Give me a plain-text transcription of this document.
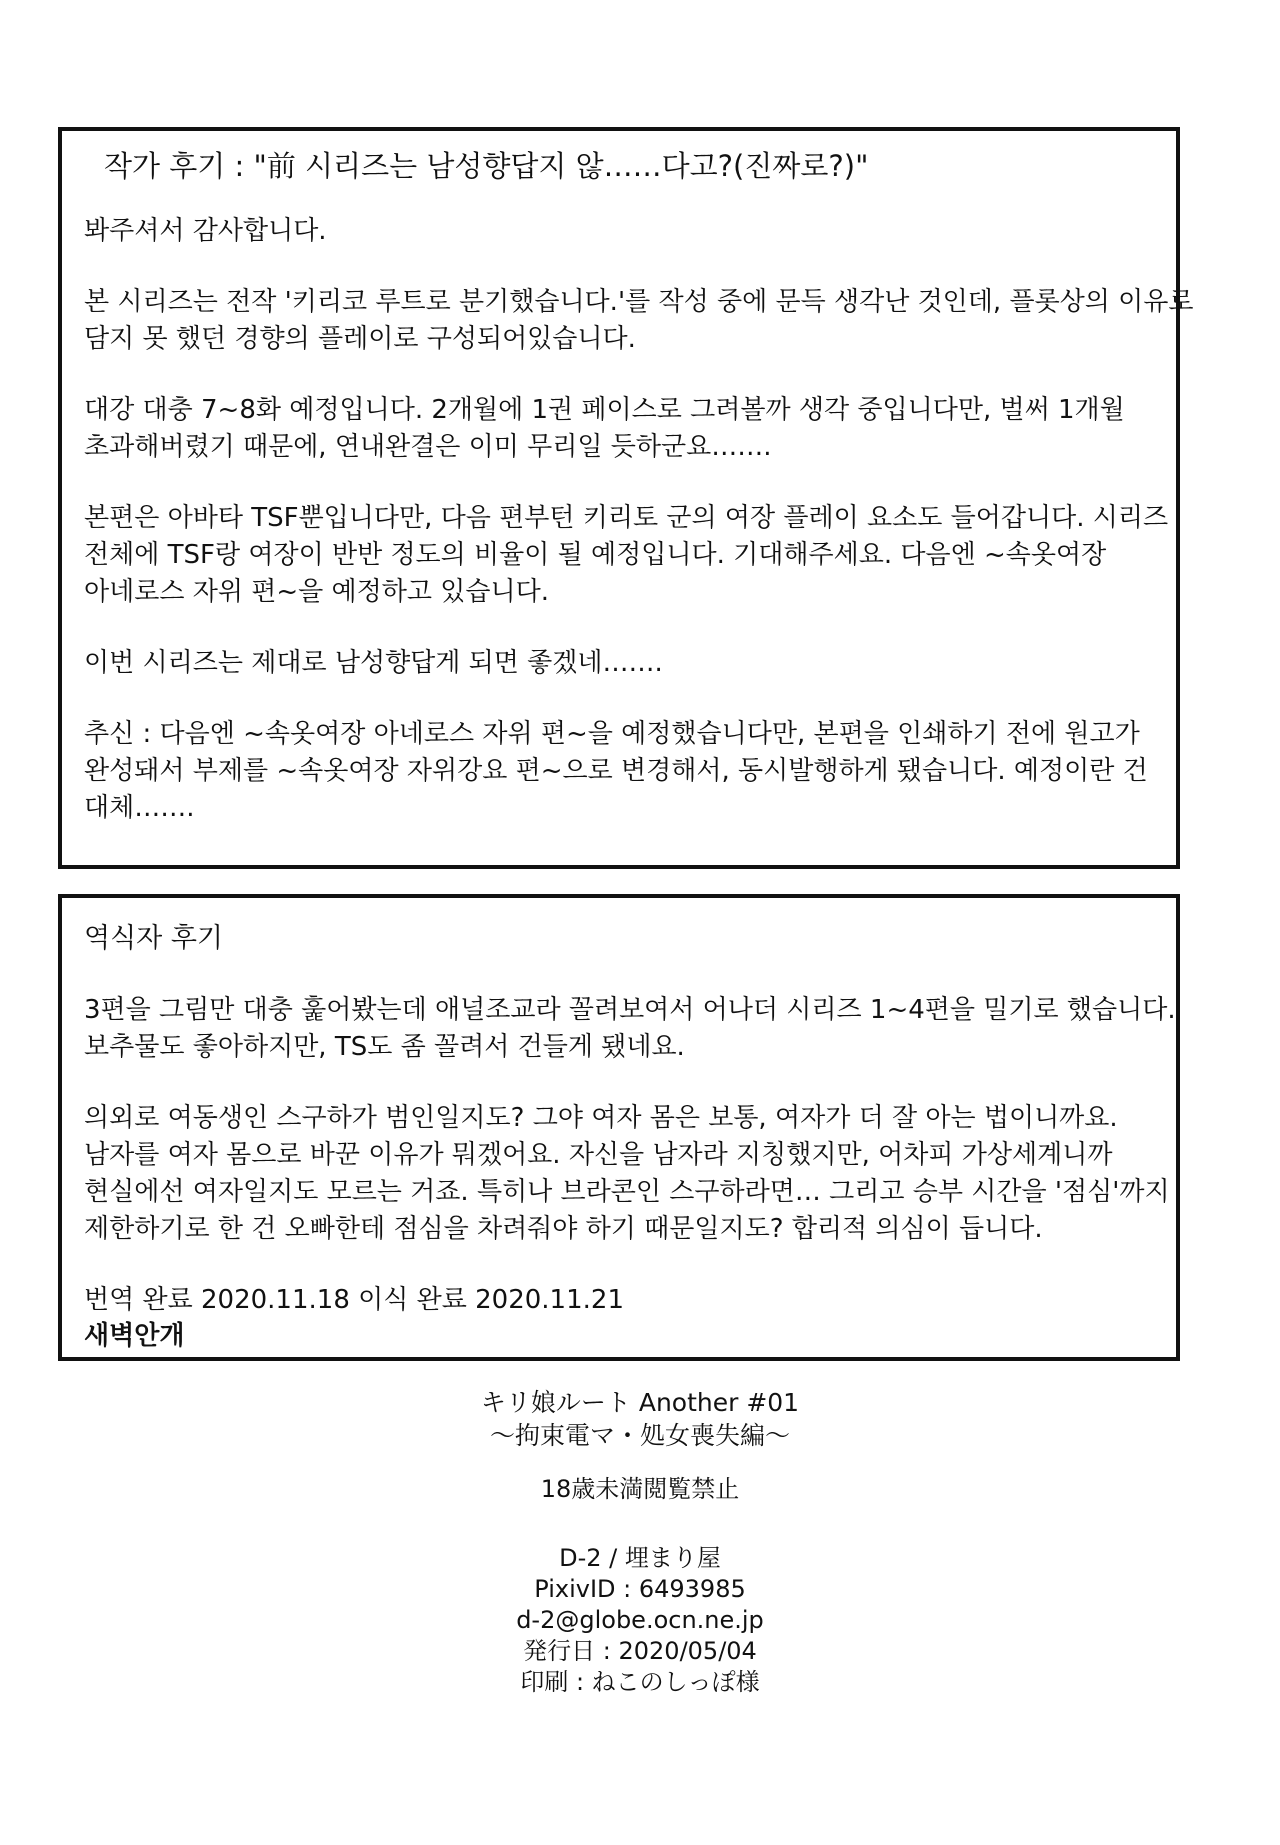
작가 후기 : "前 시리즈는 남성향답지 않……다고?(진짜로?)"
봐주셔서 감사합니다.
본 시리즈는 전작 '키리코 루트로 분기했습니다.'를 작성 중에 문득 생각난 것인데, 플롯상의 이유로
담지 못 했던 경향의 플레이로 구성되어있습니다.
대강 대충 7~8화 예정입니다. 2개월에 1권 페이스로 그려볼까 생각 중입니다만, 벌써 1개월
초과해버렸기 때문에, 연내완결은 이미 무리일 듯하군요…….
본편은 아바타 TSF뿐입니다만, 다음 편부턴 키리토 군의 여장 플레이 요소도 들어갑니다. 시리즈
전체에 TSF랑 여장이 반반 정도의 비율이 될 예정입니다. 기대해주세요. 다음엔 ~속옷여장
아네로스 자위 편~을 예정하고 있습니다.
이번 시리즈는 제대로 남성향답게 되면 좋겠네…….
추신 : 다음엔 ~속옷여장 아네로스 자위 편~을 예정했습니다만, 본편을 인쇄하기 전에 원고가
완성돼서 부제를 ~속옷여장 자위강요 편~으로 변경해서, 동시발행하게 됐습니다. 예정이란 건
대체…….
역식자 후기
3편을 그림만 대충 훑어봤는데 애널조교라 꼴려보여서 어나더 시리즈 1~4편을 밀기로 했습니다.
보추물도 좋아하지만, TS도 좀 꼴려서 건들게 됐네요.
의외로 여동생인 스구하가 범인일지도? 그야 여자 몸은 보통, 여자가 더 잘 아는 법이니까요.
남자를 여자 몸으로 바꾼 이유가 뭐겠어요. 자신을 남자라 지칭했지만, 어차피 가상세계니까
현실에선 여자일지도 모르는 거죠. 특히나 브라콘인 스구하라면… 그리고 승부 시간을 '점심'까지
제한하기로 한 건 오빠한테 점심을 차려줘야 하기 때문일지도? 합리적 의심이 듭니다.
번역 완료 2020.11.18 이식 완료 2020.11.21
새벽안개
キリ娘ルート Another #01
～拘束電マ・処女喪失編～
18歳未満閲覧禁止
D-2 / 埋まり屋
PixivID : 6493985
d-2@globe.ocn.ne.jp
発行日 : 2020/05/04
印刷 : ねこのしっぽ様
